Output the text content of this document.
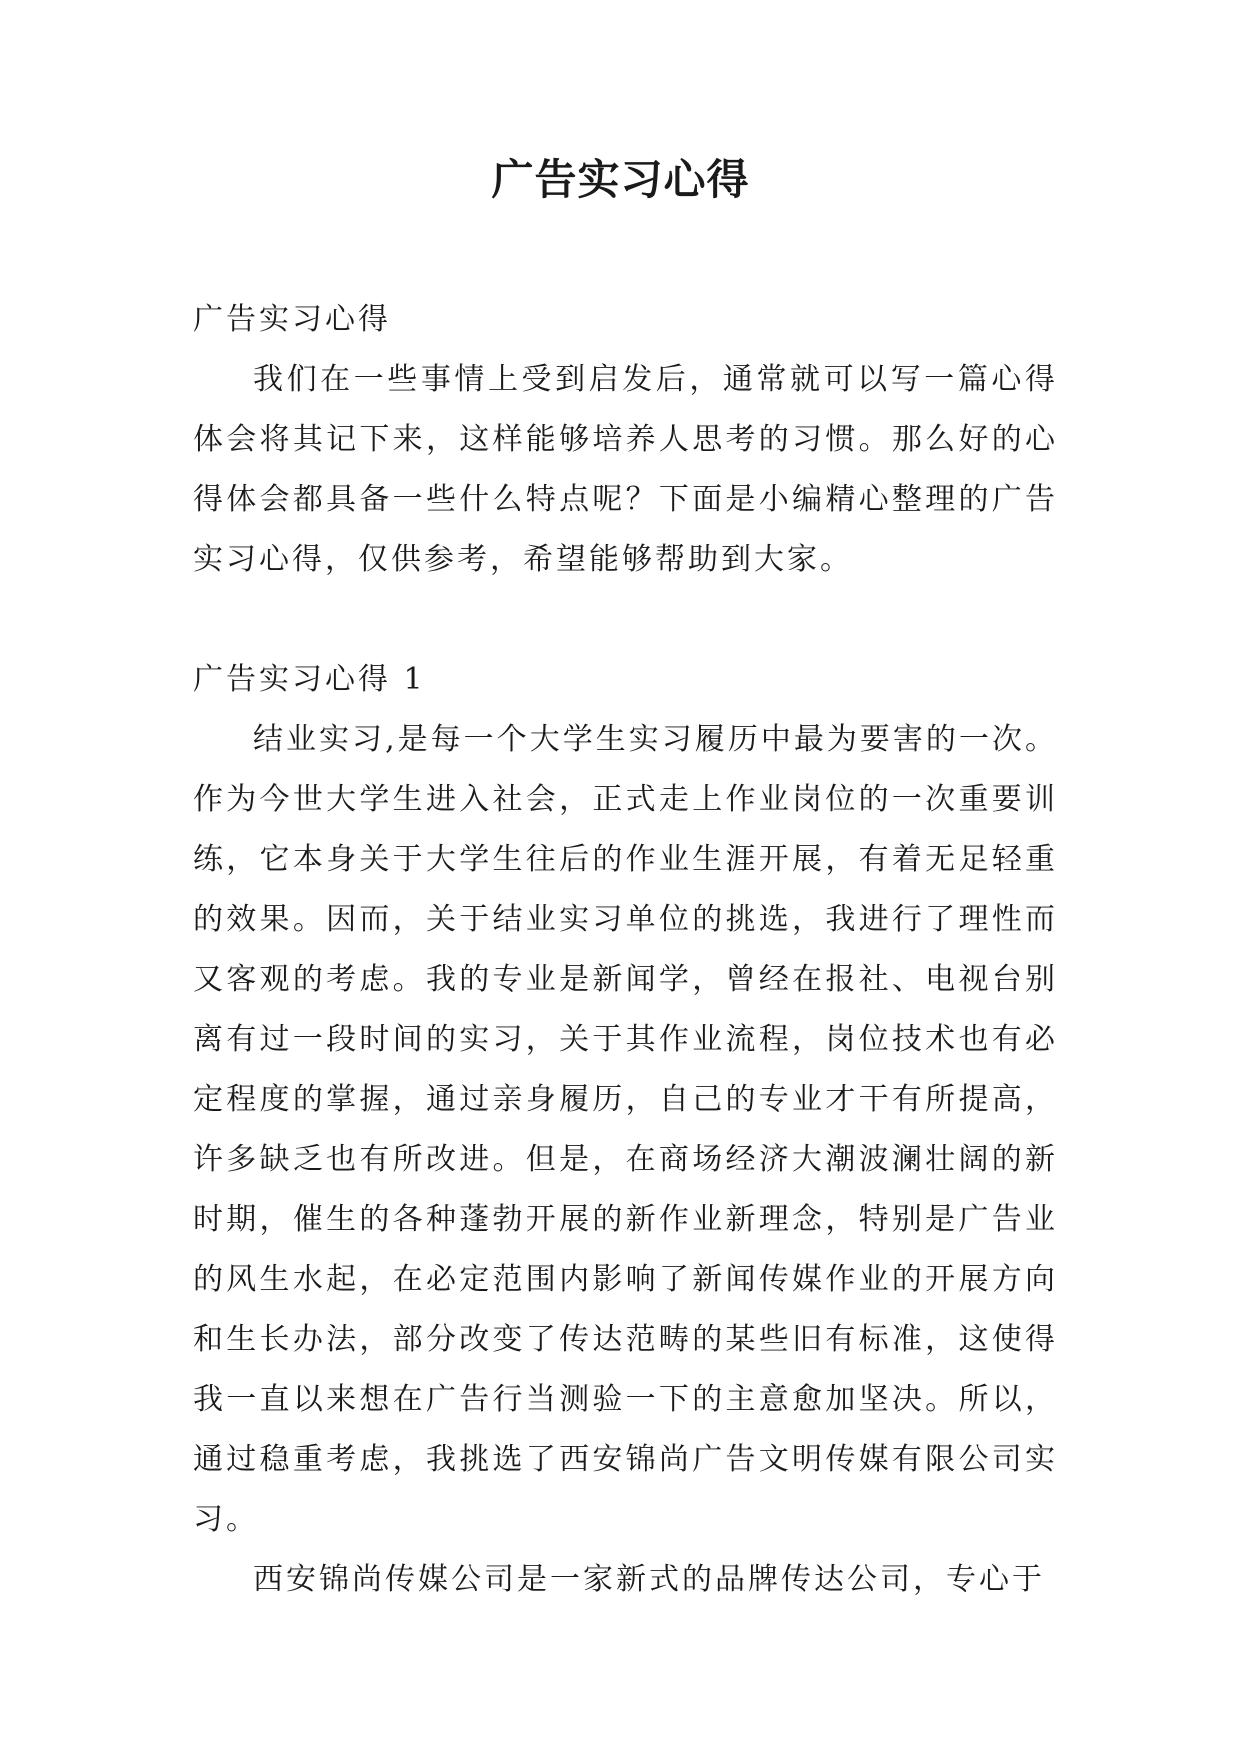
广告实习心得
广告实习心得

我们在一些事情上受到启发后，通常就可以写一篇心得体会将其记下来，这样能够培养人思考的习惯。那么好的心得体会都具备一些什么特点呢？下面是小编精心整理的广告实习心得，仅供参考，希望能够帮助到大家。

广告实习心得 1

结业实习,是每一个大学生实习履历中最为要害的一次。作为今世大学生进入社会，正式走上作业岗位的一次重要训练，它本身关于大学生往后的作业生涯开展，有着无足轻重的效果。因而，关于结业实习单位的挑选，我进行了理性而又客观的考虑。我的专业是新闻学，曾经在报社、电视台别离有过一段时间的实习，关于其作业流程，岗位技术也有必定程度的掌握，通过亲身履历，自己的专业才干有所提高，许多缺乏也有所改进。但是，在商场经济大潮波澜壮阔的新时期，催生的各种蓬勃开展的新作业新理念，特别是广告业的风生水起，在必定范围内影响了新闻传媒作业的开展方向和生长办法，部分改变了传达范畴的某些旧有标准，这使得我一直以来想在广告行当测验一下的主意愈加坚决。所以，通过稳重考虑，我挑选了西安锦尚广告文明传媒有限公司实习。

西安锦尚传媒公司是一家新式的品牌传达公司，专心于
